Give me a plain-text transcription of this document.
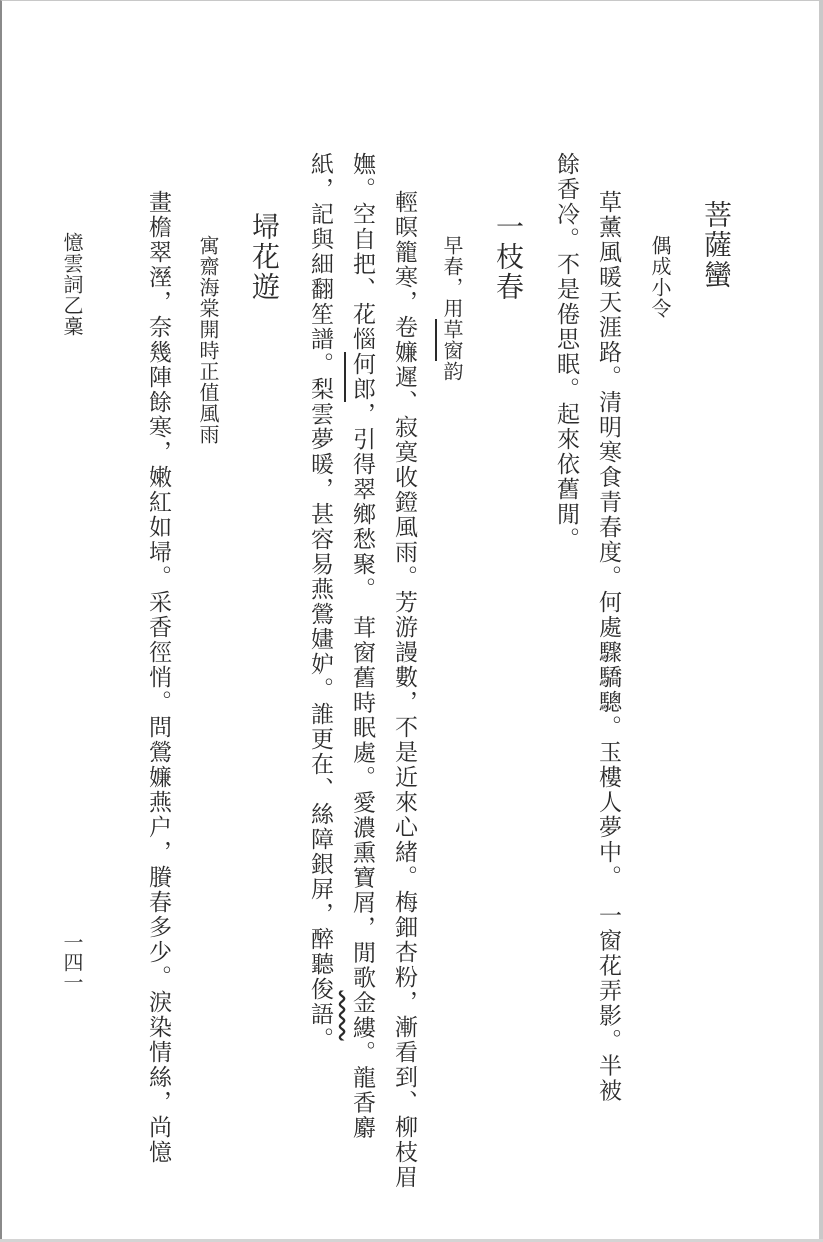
菩薩蠻
偶成小令
草薰風暖天涯路。清明寒食青春度。何處驟驕驄。玉樓人夢中。　一窗花弄影。半被
餘香冷。不是倦思眠。起來依舊閒。
一枝春
早春，用草窗韵
輕暝籠寒，卷嬚遲、寂寞收鐙風雨。芳游謾數，不是近來心緒。梅鈿杏粉，漸看到、柳枝眉
嫵。空自把、花惱何郎，引得翠鄉愁聚。　茸窗舊時眠處。愛濃熏寶屑，閒歌金縷。龍香麝
紙，記與細翻笙譜。梨雲夢暖，甚容易燕鶯嫿妒。誰更在、絲障銀屏，醉聽俊語。
埽花遊
寓齋海棠開時正值風雨
畫檐翠溼，奈幾陣餘寒，嫩紅如埽。采香徑悄。問鶯嬚燕户，賸春多少。淚染情絲，尚憶
憶雲詞乙稾
一四一
